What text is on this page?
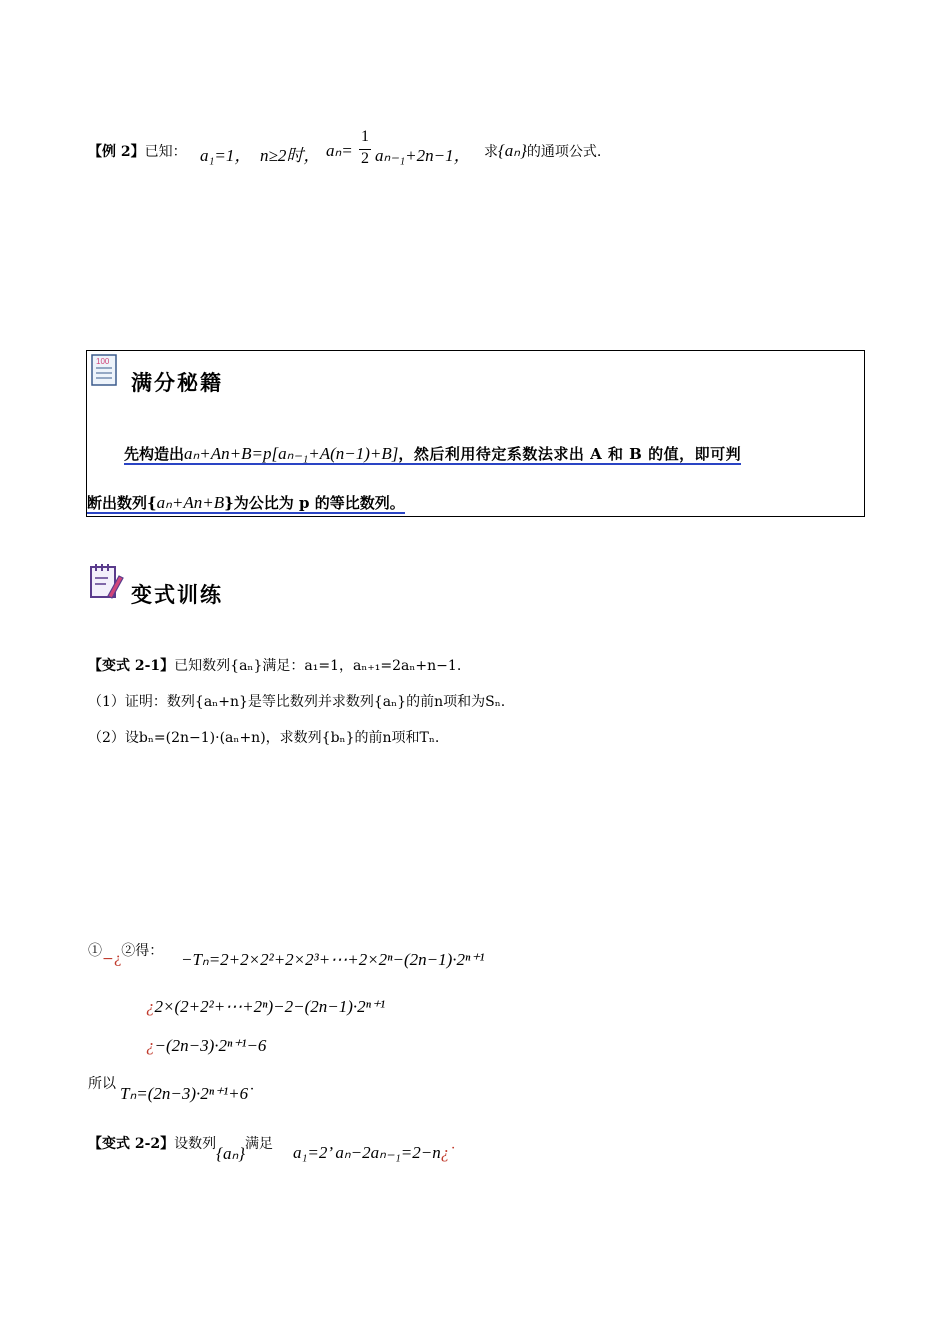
【例 2】已知： a₁=1， n≥2时， aₙ=
1
2 aₙ₋₁+2n−1， 求{aₙ}的通项公式.
100
满分秘籍
先构造出aₙ+An+B=p[aₙ₋₁+A(n−1)+B]，然后利用待定系数法求出 A 和 B 的值，即可判
断出数列{aₙ+An+B}为公比为 p 的等比数列。
变式训练
【变式 2-1】已知数列{aₙ}满足：a₁=1，aₙ₊₁=2aₙ+n−1.
（1）证明：数列{aₙ+n}是等比数列并求数列{aₙ}的前n项和为Sₙ.
（2）设bₙ=(2n−1)·(aₙ+n)，求数列{bₙ}的前n项和Tₙ.
①−¿②得： −Tₙ=2+2×2²+2×2³+⋯+2×2ⁿ−(2n−1)·2ⁿ⁺¹
¿2×(2+2²+⋯+2ⁿ)−2−(2n−1)·2ⁿ⁺¹
¿−(2n−3)·2ⁿ⁺¹−6
所以 Tₙ=(2n−3)·2ⁿ⁺¹+6˙
【变式 2-2】设数列{aₙ}满足 a₁=2’ aₙ−2aₙ₋₁=2−n¿˙
